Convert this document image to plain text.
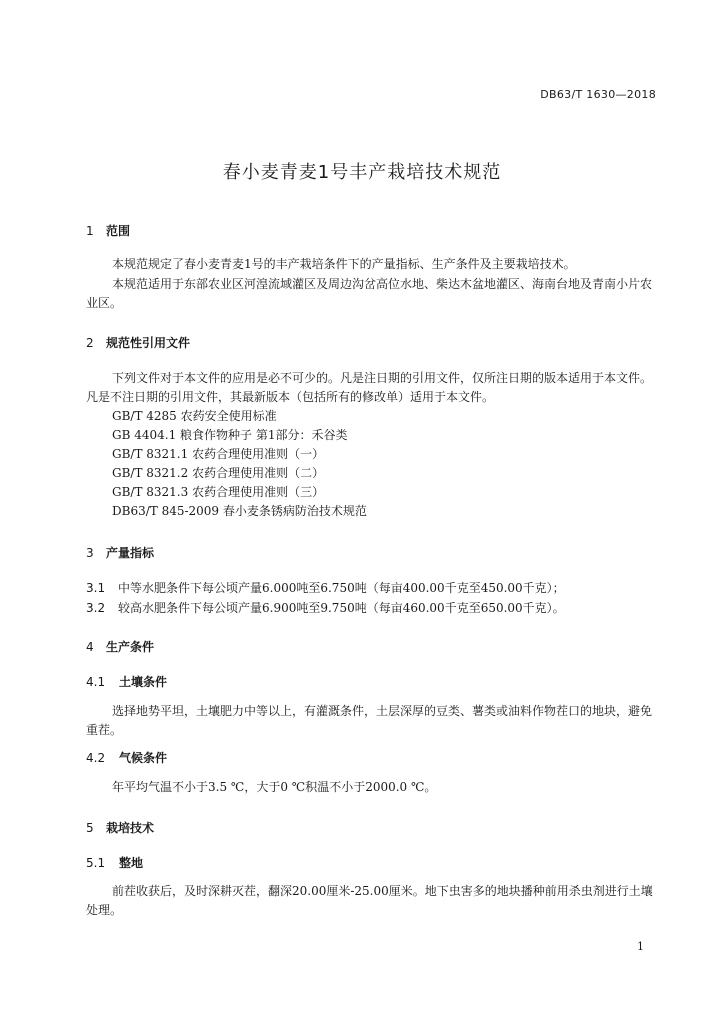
DB63/T 1630—2018
春小麦青麦1号丰产栽培技术规范
1 范围
本规范规定了春小麦青麦1号的丰产栽培条件下的产量指标、生产条件及主要栽培技术。
本规范适用于东部农业区河湟流域灌区及周边沟岔高位水地、柴达木盆地灌区、海南台地及青南小片农业区。
2 规范性引用文件
下列文件对于本文件的应用是必不可少的。凡是注日期的引用文件，仅所注日期的版本适用于本文件。凡是不注日期的引用文件，其最新版本（包括所有的修改单）适用于本文件。
GB/T 4285 农药安全使用标准
GB 4404.1 粮食作物种子 第1部分：禾谷类
GB/T 8321.1 农药合理使用准则（一）
GB/T 8321.2 农药合理使用准则（二）
GB/T 8321.3 农药合理使用准则（三）
DB63/T 845-2009 春小麦条锈病防治技术规范
3 产量指标
3.1 中等水肥条件下每公顷产量6.000吨至6.750吨（每亩400.00千克至450.00千克）；
3.2 较高水肥条件下每公顷产量6.900吨至9.750吨（每亩460.00千克至650.00千克）。
4 生产条件
4.1 土壤条件
选择地势平坦，土壤肥力中等以上，有灌溉条件，土层深厚的豆类、薯类或油料作物茬口的地块，避免重茬。
4.2 气候条件
年平均气温不小于3.5 ℃，大于0 ℃积温不小于2000.0 ℃。
5 栽培技术
5.1 整地
前茬收获后，及时深耕灭茬，翻深20.00厘米-25.00厘米。地下虫害多的地块播种前用杀虫剂进行土壤处理。
1
